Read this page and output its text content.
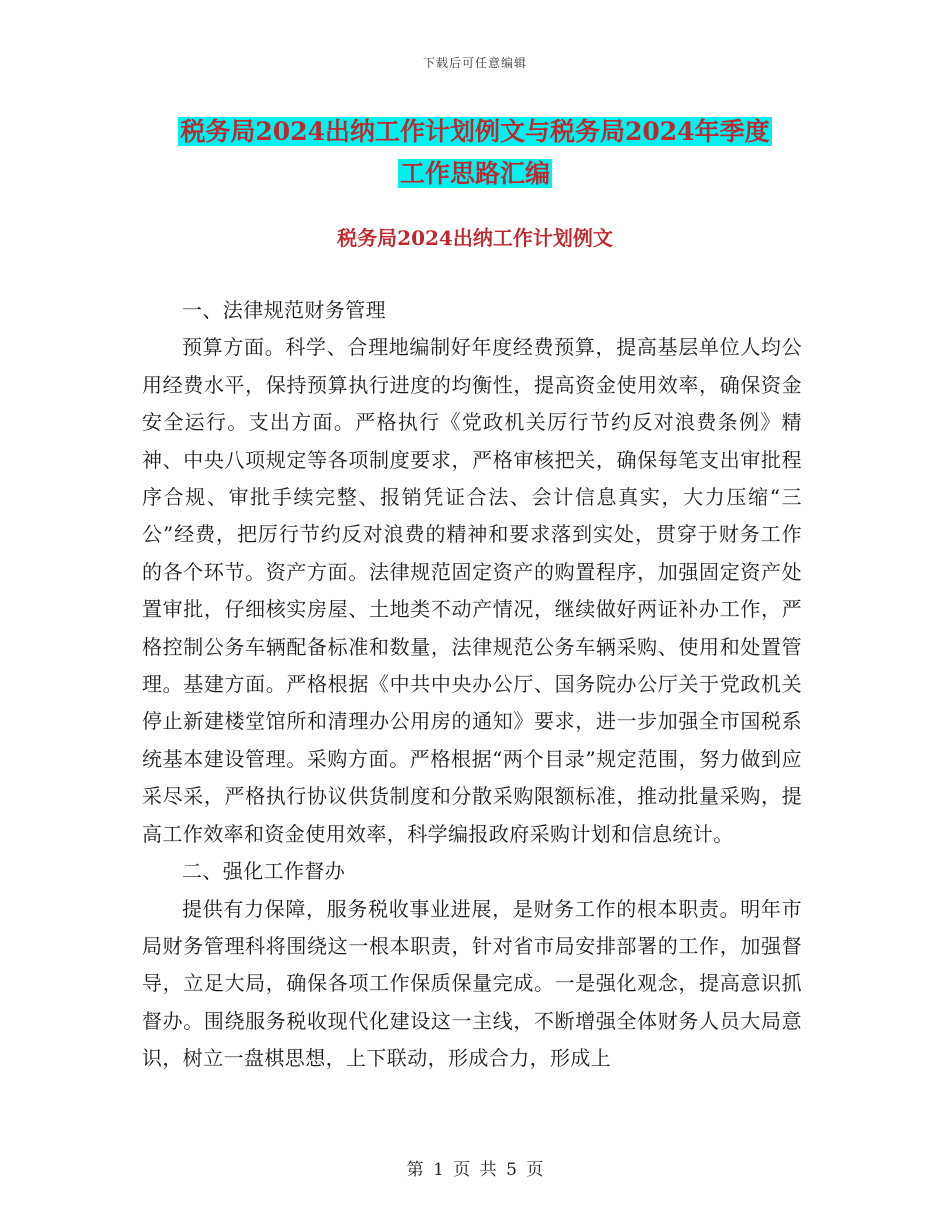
下载后可任意编辑
税务局2024出纳工作计划例文与税务局2024年季度
工作思路汇编
税务局2024出纳工作计划例文

一、法律规范财务管理

预算方面。科学、合理地编制好年度经费预算，提高基层单位人均公用经费水平，保持预算执行进度的均衡性，提高资金使用效率，确保资金安全运行。支出方面。严格执行《党政机关厉行节约反对浪费条例》精神、中央八项规定等各项制度要求，严格审核把关，确保每笔支出审批程序合规、审批手续完整、报销凭证合法、会计信息真实，大力压缩“三公”经费，把厉行节约反对浪费的精神和要求落到实处，贯穿于财务工作的各个环节。资产方面。法律规范固定资产的购置程序，加强固定资产处置审批，仔细核实房屋、土地类不动产情况，继续做好两证补办工作，严格控制公务车辆配备标准和数量，法律规范公务车辆采购、使用和处置管理。基建方面。严格根据《中共中央办公厅、国务院办公厅关于党政机关停止新建楼堂馆所和清理办公用房的通知》要求，进一步加强全市国税系统基本建设管理。采购方面。严格根据“两个目录”规定范围，努力做到应采尽采，严格执行协议供货制度和分散采购限额标准，推动批量采购，提高工作效率和资金使用效率，科学编报政府采购计划和信息统计。

二、强化工作督办

提供有力保障，服务税收事业进展，是财务工作的根本职责。明年市局财务管理科将围绕这一根本职责，针对省市局安排部署的工作，加强督导，立足大局，确保各项工作保质保量完成。一是强化观念，提高意识抓督办。围绕服务税收现代化建设这一主线，不断增强全体财务人员大局意识，树立一盘棋思想，上下联动，形成合力，形成上

第 1 页 共 5 页
